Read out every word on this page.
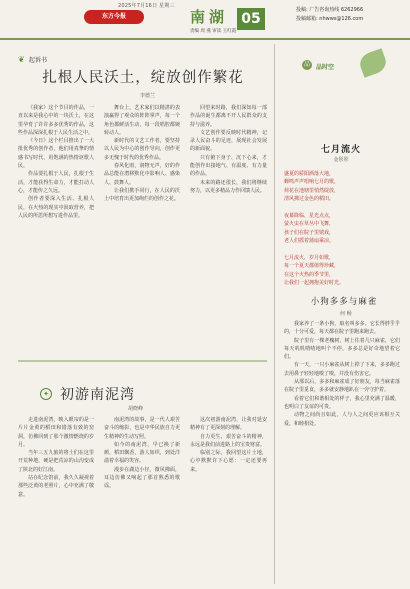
2025年7月16日 星期三
东方今报	南湖 05
责编 周 燕 审读 王红霞
投稿: 广告咨询热线 6262966
投稿邮箱: nhwws@126.com
❦ 起诉书
扎根人民沃土，绽放创作繁花
李德兰

《我家》这个节目的作品，一直以来是我心中的一块沃土，在这里孕育了许许多多优秀的作品，这些作品深深扎根于人民生活之中。

《今日》这个栏目推出了一大批优秀的创作者，他们用真挚的情感书写时代，用饱满的热情讴歌人民。

作品要扎根于人民，扎根于生活，才能获得生命力，才能打动人心，才能传之久远。

创作者要深入生活、扎根人民，在火热的现实中汲取营养，把人民的所思所想写进作品里。

舞台上，艺术家们以精湛的表演赢得了观众的阵阵掌声，每一个角色都鲜活生动，每一段唱腔都婉转动人。

新时代的文艺工作者，要坚持以人民为中心的创作导向，创作更多无愧于时代的优秀作品。

春风化雨，润物无声，好的作品总能在潜移默化中影响人、感染人、鼓舞人。

让我们携手同行，在人民的沃土中培育出更加绚烂的创作之花。

回望来时路，我们深知每一部作品的诞生都离不开人民群众的支持与滋养。

文艺创作要反映时代精神，记录人民奋斗的足迹，展现社会发展的新面貌。

只有俯下身子、沉下心来，才能创作出接地气、有温度、有力量的作品。

未来的路还很长，我们将继续努力，以更多精品力作回馈人民。

✦ 初游南泥湾
胡晓峰

走进南泥湾，映入眼帘的是一片片金黄的稻田和错落有致的窑洞，仿佛回到了那个激情燃烧的岁月。

当年三五九旅的将士们在这里开荒种地，硬是把荒凉的山沟变成了陕北的好江南。

站在纪念馆前，我久久凝视着那些泛黄的老照片，心中充满了敬意。

南泥湾的故事，是一代人艰苦奋斗的缩影，也是中华民族自力更生精神的生动写照。

如今的南泥湾，早已换了新颜，稻田飘香，游人如织，到处洋溢着幸福的笑容。

漫步在湖边小径，微风拂面，耳边仿佛又响起了那首熟悉的歌谣。

这次初游南泥湾，让我对延安精神有了更深刻的理解。

自力更生、艰苦奋斗的精神，永远是我们前进路上的宝贵财富。

临别之际，我回望这片土地，心中默默许下心愿：一定还要再来。

品	品时空
七月流火
金彤彤
盛夏的骄阳洒落大地，
蝉鸣声声唱响七月的歌，
荷花在池塘里悄然绽放，
清风拂过金色的稻田。

夜幕降临，星光点点，
萤火虫在草丛中飞舞，
孩子们在院子里嬉戏，
老人们摇着蒲扇乘凉。

七月流火，岁月如歌，
每一个夏天都值得珍藏，
在这个火热的季节里，
让我们一起拥抱美好时光。
小狗多多与麻雀
何 畅

我家养了一条小狗，取名叫多多。它长得胖乎乎的，十分可爱，每天都在院子里跑来跑去。

院子里有一棵老槐树，树上住着几只麻雀，它们每天叽叽喳喳地叫个不停，多多总是好奇地望着它们。

有一天，一只小麻雀从树上掉了下来，多多跑过去用鼻子轻轻地嗅了嗅，并没有伤害它。

从那以后，多多和麻雀成了好朋友，每当麻雀落在院子里觅食，多多就安静地趴在一旁守护着。

看着它们和谐相处的样子，我心里充满了温暖，也明白了友谊的可贵。

动物之间尚且如此，人与人之间更应该相互关爱、和睦相处。
